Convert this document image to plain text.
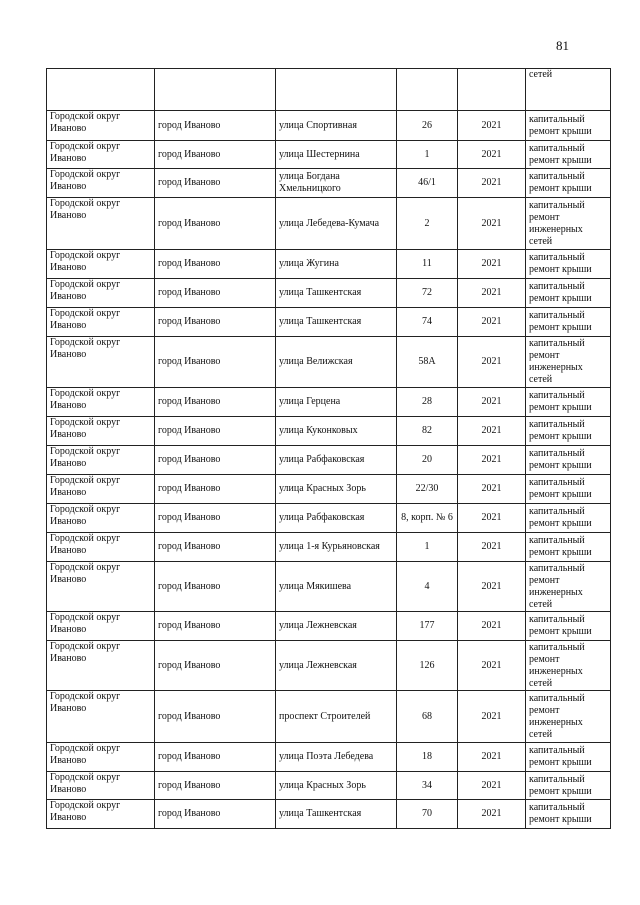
81
					сетей
Городской округ Иваново	город Иваново	улица Спортивная	26	2021	капитальный ремонт крыши
Городской округ Иваново	город Иваново	улица Шестернина	1	2021	капитальный ремонт крыши
Городской округ Иваново	город Иваново	улица Богдана Хмельницкого	46/1	2021	капитальный ремонт крыши
Городской округ Иваново	город Иваново	улица Лебедева-Кумача	2	2021	капитальный ремонт инженерных сетей
Городской округ Иваново	город Иваново	улица Жугина	11	2021	капитальный ремонт крыши
Городской округ Иваново	город Иваново	улица Ташкентская	72	2021	капитальный ремонт крыши
Городской округ Иваново	город Иваново	улица Ташкентская	74	2021	капитальный ремонт крыши
Городской округ Иваново	город Иваново	улица Велижская	58А	2021	капитальный ремонт инженерных сетей
Городской округ Иваново	город Иваново	улица Герцена	28	2021	капитальный ремонт крыши
Городской округ Иваново	город Иваново	улица Куконковых	82	2021	капитальный ремонт крыши
Городской округ Иваново	город Иваново	улица Рабфаковская	20	2021	капитальный ремонт крыши
Городской округ Иваново	город Иваново	улица Красных Зорь	22/30	2021	капитальный ремонт крыши
Городской округ Иваново	город Иваново	улица Рабфаковская	8, корп. № 6	2021	капитальный ремонт крыши
Городской округ Иваново	город Иваново	улица 1-я Курьяновская	1	2021	капитальный ремонт крыши
Городской округ Иваново	город Иваново	улица Мякишева	4	2021	капитальный ремонт инженерных сетей
Городской округ Иваново	город Иваново	улица Лежневская	177	2021	капитальный ремонт крыши
Городской округ Иваново	город Иваново	улица Лежневская	126	2021	капитальный ремонт инженерных сетей
Городской округ Иваново	город Иваново	проспект Строителей	68	2021	капитальный ремонт инженерных сетей
Городской округ Иваново	город Иваново	улица Поэта Лебедева	18	2021	капитальный ремонт крыши
Городской округ Иваново	город Иваново	улица Красных Зорь	34	2021	капитальный ремонт крыши
Городской округ Иваново	город Иваново	улица Ташкентская	70	2021	капитальный ремонт крыши
